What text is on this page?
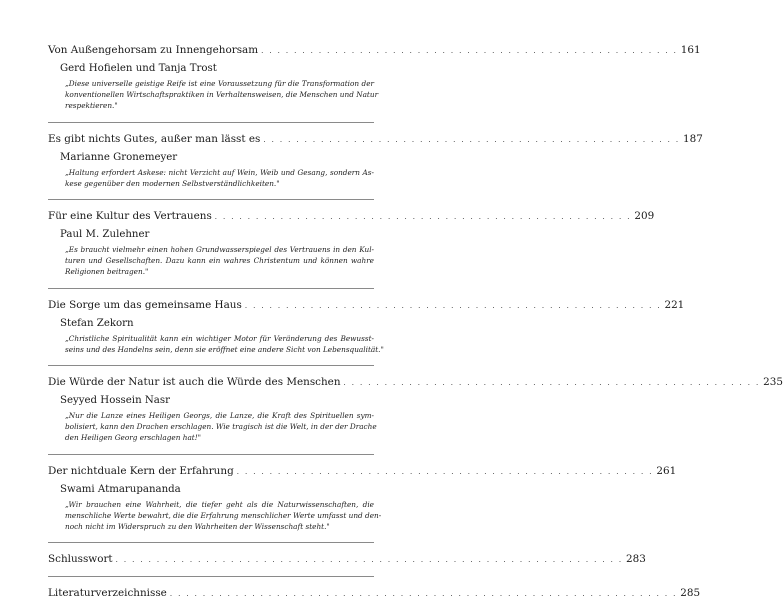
Von Außengehorsam zu Innengehorsam . . . . . . . . . . . . . . . . . . . . . . . . . . . . . . . . . . . . . . . . . . . . . . . . . . . 161
Gerd Hofielen und Tanja Trost
„Diese universelle geistige Reife ist eine Voraussetzung für die Transformation der
konventionellen Wirtschaftspraktiken in Verhaltensweisen, die Menschen und Natur
respektieren."
Es gibt nichts Gutes, außer man lässt es . . . . . . . . . . . . . . . . . . . . . . . . . . . . . . . . . . . . . . . . . . . . . . . . . . . 187
Marianne Gronemeyer
„Haltung erfordert Askese: nicht Verzicht auf Wein, Weib und Gesang, sondern As-
kese gegenüber den modernen Selbstverständlichkeiten."
Für eine Kultur des Vertrauens . . . . . . . . . . . . . . . . . . . . . . . . . . . . . . . . . . . . . . . . . . . . . . . . . . . 209
Paul M. Zulehner
„Es braucht vielmehr einen hohen Grundwasserspiegel des Vertrauens in den Kul-
turen und Gesellschaften. Dazu kann ein wahres Christentum und können wahre
Religionen beitragen."
Die Sorge um das gemeinsame Haus . . . . . . . . . . . . . . . . . . . . . . . . . . . . . . . . . . . . . . . . . . . . . . . . . . . 221
Stefan Zekorn
„Christliche Spiritualität kann ein wichtiger Motor für Veränderung des Bewusst-
seins und des Handelns sein, denn sie eröffnet eine andere Sicht von Lebensqualität."
Die Würde der Natur ist auch die Würde des Menschen . . . . . . . . . . . . . . . . . . . . . . . . . . . . . . . . . . . . . . . . . . . . . . . . . . . 235
Seyyed Hossein Nasr
„Nur die Lanze eines Heiligen Georgs, die Lanze, die Kraft des Spirituellen sym-
bolisiert, kann den Drachen erschlagen. Wie tragisch ist die Welt, in der der Drache
den Heiligen Georg erschlagen hat!"
Der nichtduale Kern der Erfahrung . . . . . . . . . . . . . . . . . . . . . . . . . . . . . . . . . . . . . . . . . . . . . . . . . . . 261
Swami Atmarupananda
„Wir brauchen eine Wahrheit, die tiefer geht als die Naturwissenschaften, die
menschliche Werte bewahrt, die die Erfahrung menschlicher Werte umfasst und den-
noch nicht im Widerspruch zu den Wahrheiten der Wissenschaft steht."
Schlusswort . . . . . . . . . . . . . . . . . . . . . . . . . . . . . . . . . . . . . . . . . . . . . . . . . . . . . . . . . . . . . . 283
Literaturverzeichnisse . . . . . . . . . . . . . . . . . . . . . . . . . . . . . . . . . . . . . . . . . . . . . . . . . . . . . . . . . . . . . . 285
